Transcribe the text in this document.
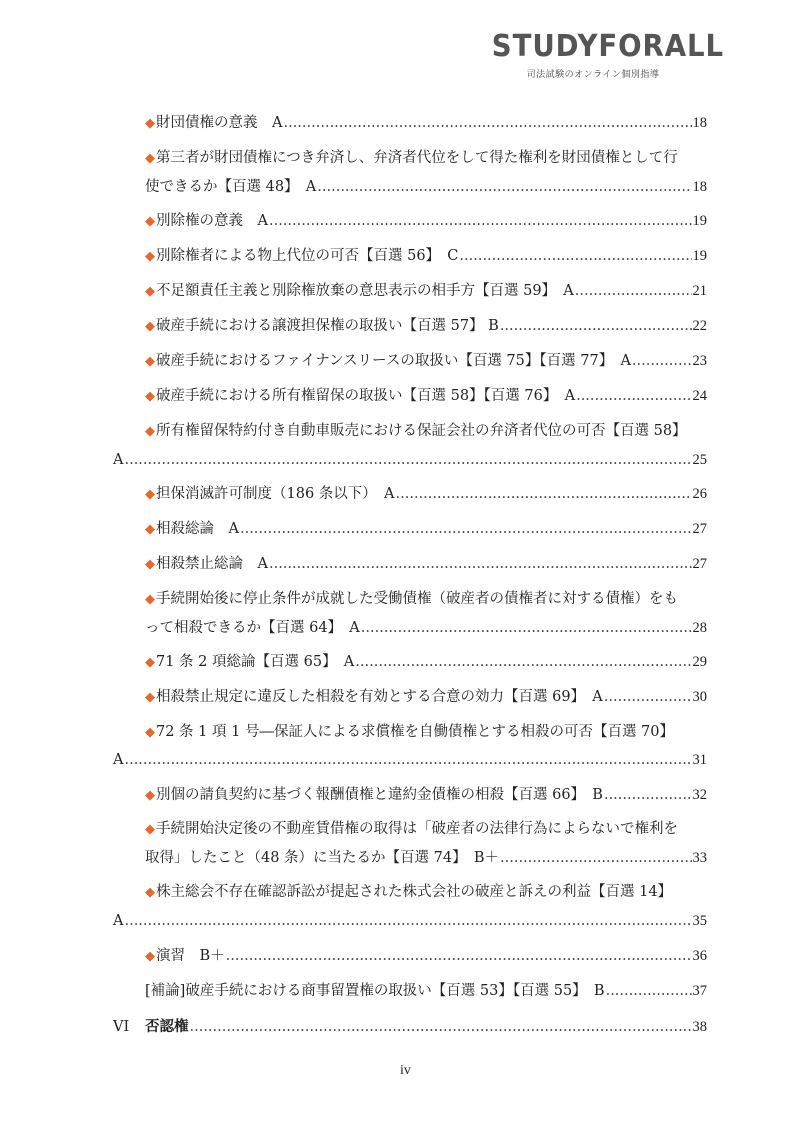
STUDYFORALL
司法試験のオンライン個別指導
◆財団債権の意義　A .....	18
◆第三者が財団債権につき弁済し、弁済者代位をして得た権利を財団債権として行
使できるか【百選 48】　A .....	18
◆別除権の意義　A .....	19
◆別除権者による物上代位の可否【百選 56】　C .....	19
◆不足額責任主義と別除権放棄の意思表示の相手方【百選 59】　A .....	21
◆破産手続における譲渡担保権の取扱い【百選 57】 B .....	22
◆破産手続におけるファイナンスリースの取扱い【百選 75】【百選 77】　A .....	23
◆破産手続における所有権留保の取扱い【百選 58】【百選 76】　A .....	24
◆所有権留保特約付き自動車販売における保証会社の弁済者代位の可否【百選 58】
A .....	25
◆担保消滅許可制度（186 条以下）　A .....	26
◆相殺総論　A .....	27
◆相殺禁止総論　A .....	27
◆手続開始後に停止条件が成就した受働債権（破産者の債権者に対する債権）をも
って相殺できるか【百選 64】　A .....	28
◆71 条 2 項総論【百選 65】　A .....	29
◆相殺禁止規定に違反した相殺を有効とする合意の効力【百選 69】　A .....	30
◆72 条 1 項 1 号―保証人による求償権を自働債権とする相殺の可否【百選 70】
A .....	31
◆別個の請負契約に基づく報酬債権と違約金債権の相殺【百選 66】　B .....	32
◆手続開始決定後の不動産賃借権の取得は「破産者の法律行為によらないで権利を
取得」したこと（48 条）に当たるか【百選 74】　B＋ .....	33
◆株主総会不存在確認訴訟が提起された株式会社の破産と訴えの利益【百選 14】
A .....	35
◆演習　B＋ .....	36
[補論]破産手続における商事留置権の取扱い【百選 53】【百選 55】　B .....	37
VI 否認権 .....	38
iv
